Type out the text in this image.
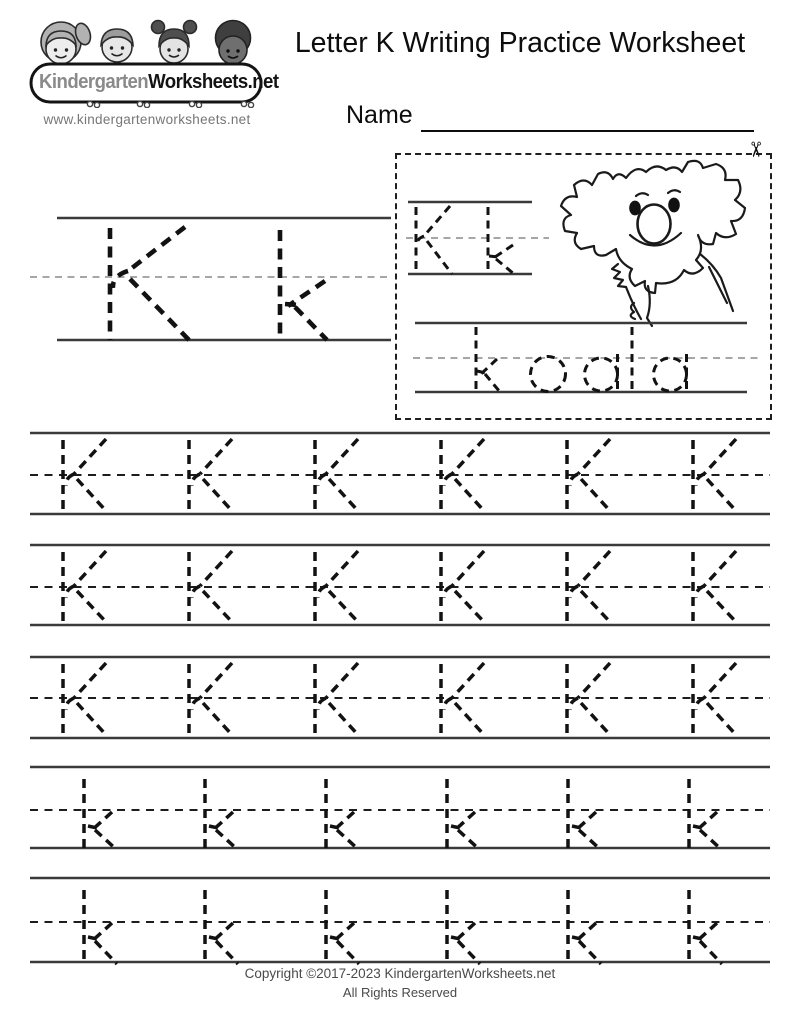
KindergartenWorksheets.net
www.kindergartenworksheets.net
Letter K Writing Practice Worksheet
Name
✂
Copyright ©2017-2023 KindergartenWorksheets.net
All Rights Reserved
